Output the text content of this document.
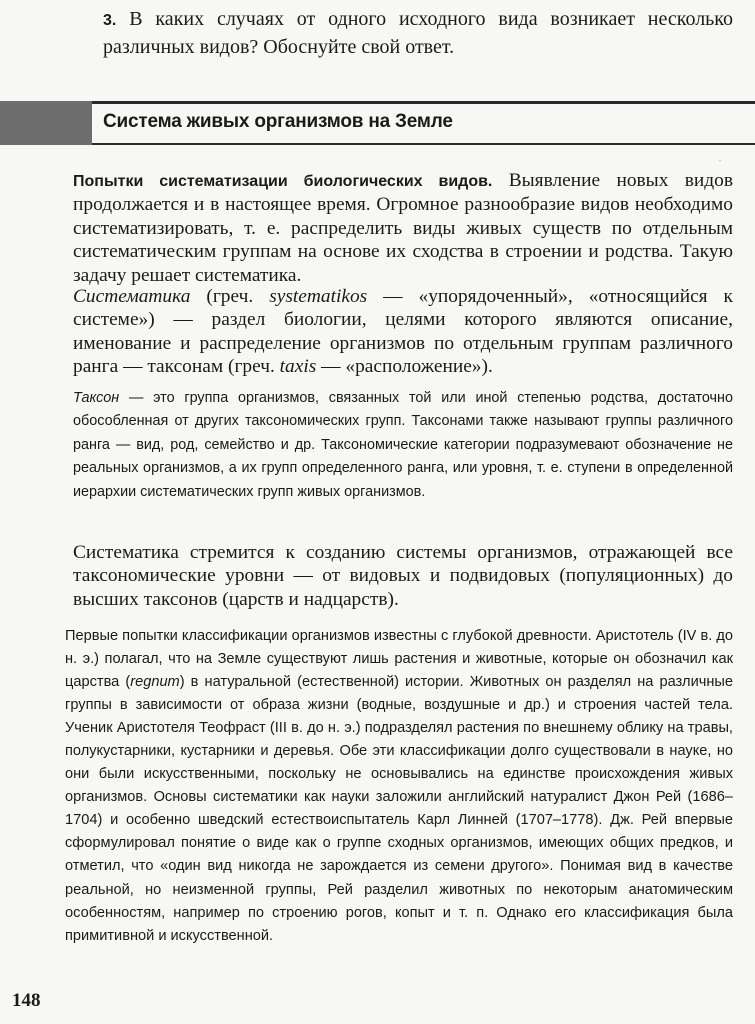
3. В каких случаях от одного исходного вида возникает несколько различных видов? Обоснуйте свой ответ.
Система живых организмов на Земле
·
Попытки систематизации биологических видов. Выявление новых видов продолжается и в настоящее время. Огромное разнообразие видов необходимо систематизировать, т. е. распределить виды живых существ по отдельным систематическим группам на основе их сходства в строении и родства. Такую задачу решает систематика.
Систематика (греч. systematikos — «упорядоченный», «относящийся к системе») — раздел биологии, целями которого являются описание, именование и распределение организмов по отдельным группам различного ранга — таксонам (греч. taxis — «расположение»).
Таксон — это группа организмов, связанных той или иной степенью родства, достаточно обособленная от других таксономических групп. Таксонами также называют группы различного ранга — вид, род, семейство и др. Таксономические категории подразумевают обозначение не реальных организмов, а их групп определенного ранга, или уровня, т. е. ступени в определенной иерархии систематических групп живых организмов.
Систематика стремится к созданию системы организмов, отражающей все таксономические уровни — от видовых и подвидовых (популяционных) до высших таксонов (царств и надцарств).
Первые попытки классификации организмов известны с глубокой древности. Аристотель (IV в. до н. э.) полагал, что на Земле существуют лишь растения и животные, которые он обозначил как царства (regnum) в натуральной (естественной) истории. Животных он разделял на различные группы в зависимости от образа жизни (водные, воздушные и др.) и строения частей тела. Ученик Аристотеля Теофраст (III в. до н. э.) подразделял растения по внешнему облику на травы, полукустарники, кустарники и деревья. Обе эти классификации долго существовали в науке, но они были искусственными, поскольку не основывались на единстве происхождения живых организмов. Основы систематики как науки заложили английский натуралист Джон Рей (1686–1704) и особенно шведский естествоиспытатель Карл Линней (1707–1778). Дж. Рей впервые сформулировал понятие о виде как о группе сходных организмов, имеющих общих предков, и отметил, что «один вид никогда не зарождается из семени другого». Понимая вид в качестве реальной, но неизменной группы, Рей разделил животных по некоторым анатомическим особенностям, например по строению рогов, копыт и т. п. Однако его классификация была примитивной и искусственной.
148
